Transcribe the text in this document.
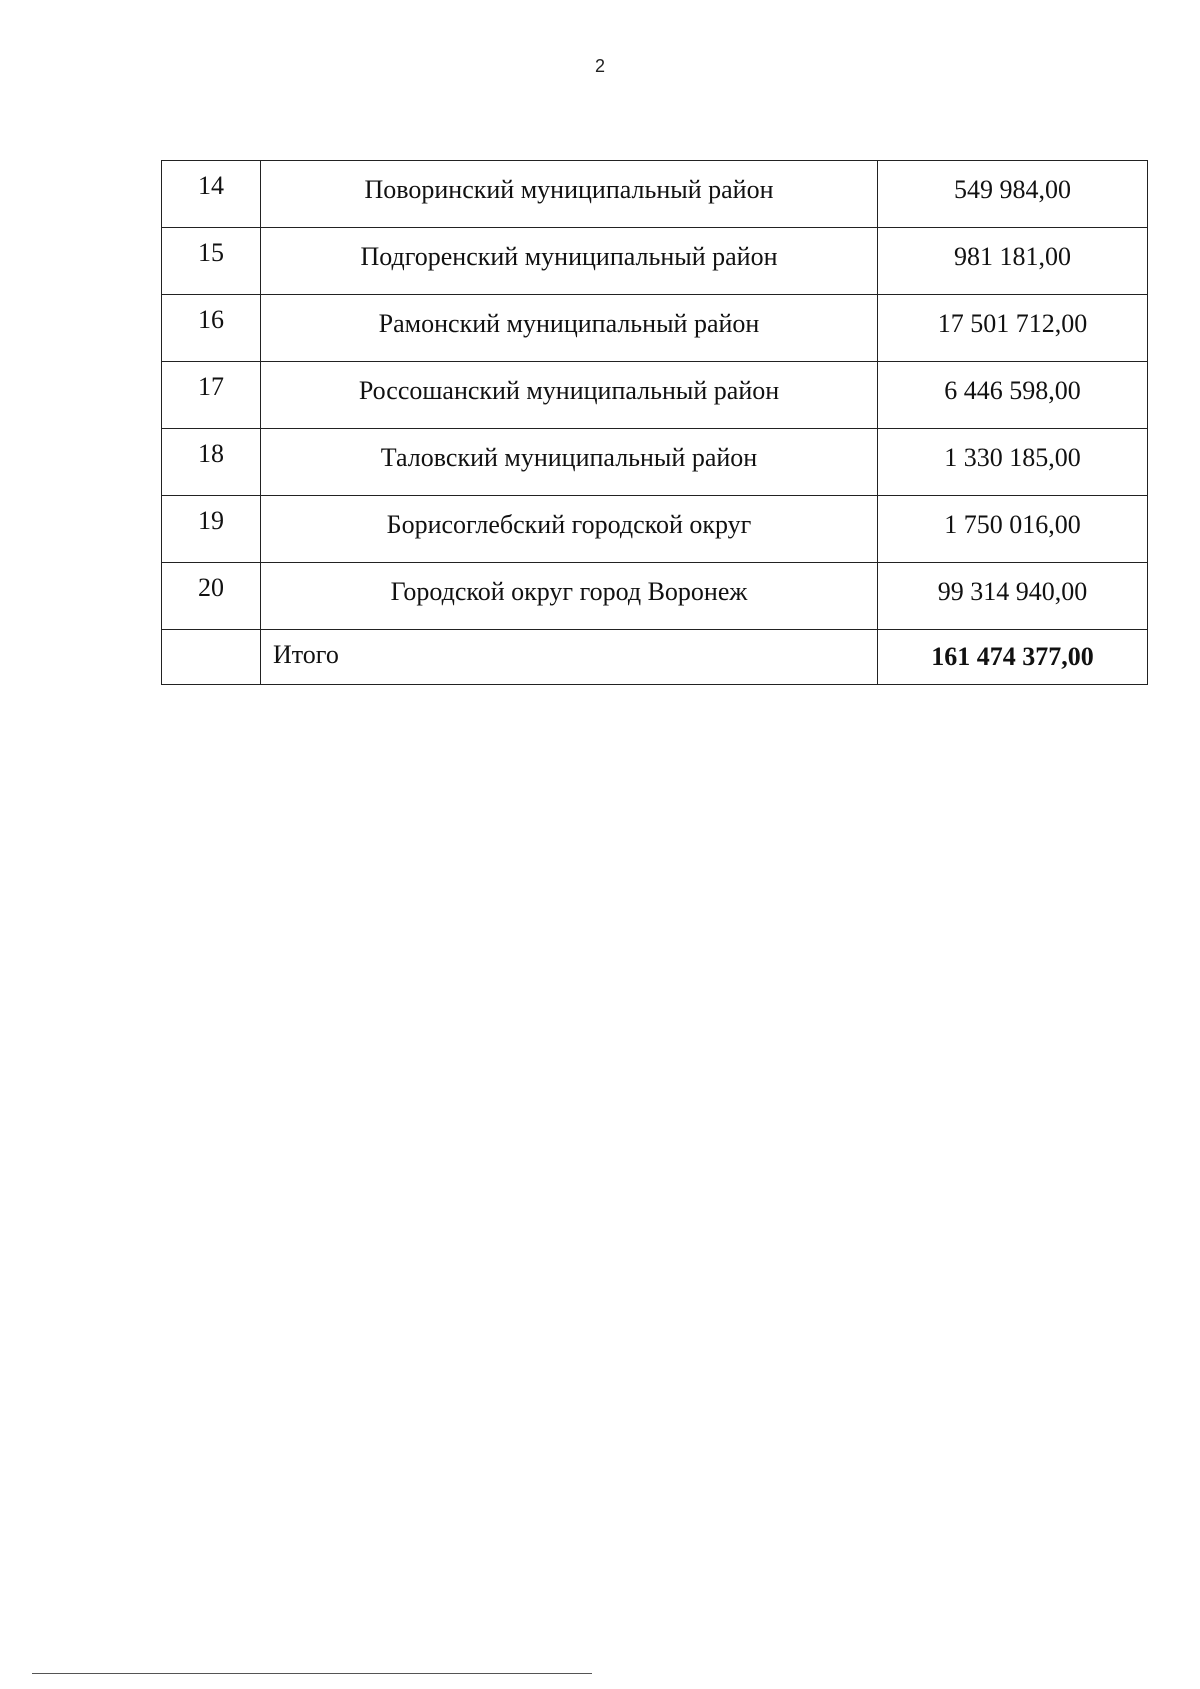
2
14	Поворинский муниципальный район	549 984,00
15	Подгоренский муниципальный район	981 181,00
16	Рамонский муниципальный район	17 501 712,00
17	Россошанский муниципальный район	6 446 598,00
18	Таловский муниципальный район	1 330 185,00
19	Борисоглебский городской округ	1 750 016,00
20	Городской округ город Воронеж	99 314 940,00
	Итого	161 474 377,00
